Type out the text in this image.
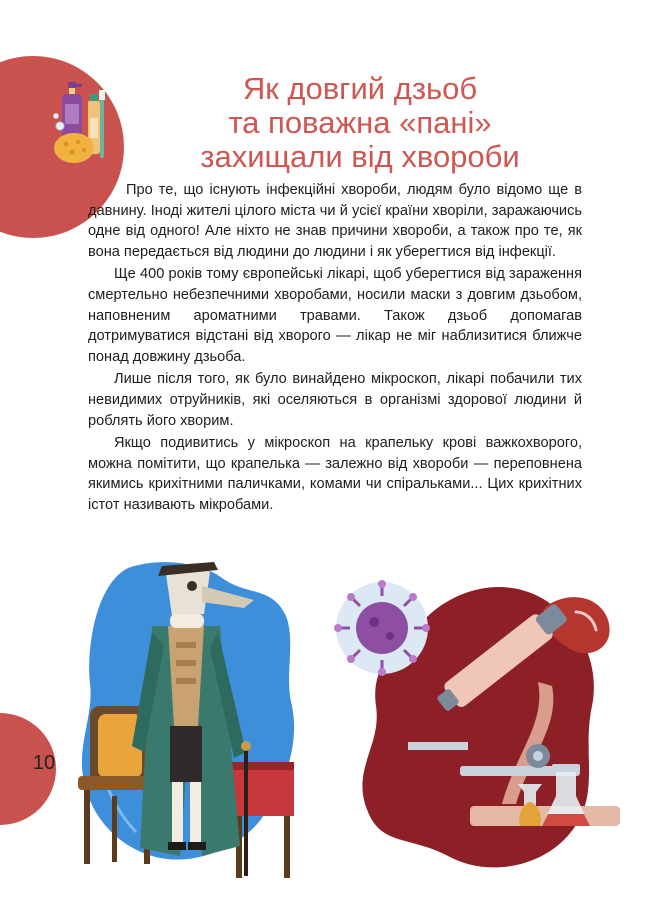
Як довгий дзьоб
та поважна «пані»
захищали від хвороби

Про те, що існують інфекційні хвороби, людям було відомо ще в давнину. Іноді жителі цілого міста чи й усієї країни хворіли, заражаючись одне від одного! Але ніхто не знав причини хвороби, а також про те, як вона передається від людини до людини і як уберегтися від інфекції.

Ще 400 років тому європейські лікарі, щоб уберегтися від зараження смертельно небезпечними хворобами, носили маски з довгим дзьобом, наповненим ароматними травами. Також дзьоб допомагав дотримуватися відстані від хворого — лікар не міг наблизитися ближче понад довжину дзьоба.

Лише після того, як було винайдено мікроскоп, лікарі побачили тих невидимих отруйників, які оселяються в організмі здорової людини й роблять його хворим.

Якщо подивитись у мікроскоп на крапельку крові важкохворого, можна помітити, що крапелька — залежно від хвороби — переповнена якимись крихітними паличками, комами чи спіральками... Цих крихітних істот називають мікробами.

10
